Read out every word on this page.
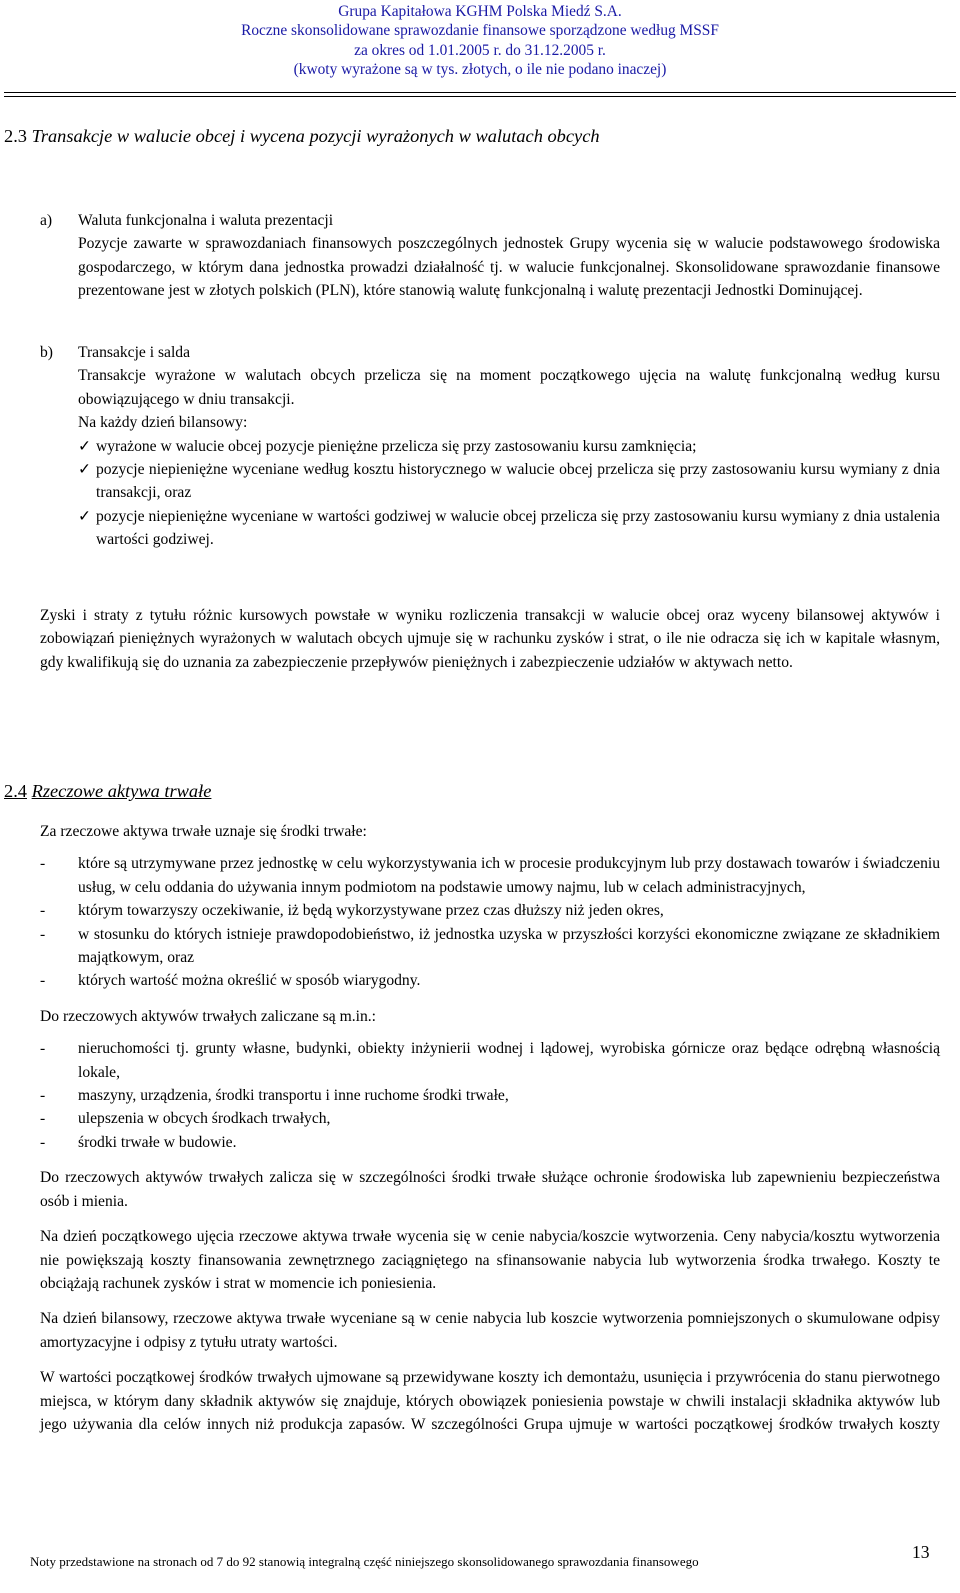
Grupa Kapitałowa KGHM Polska Miedź S.A.
Roczne skonsolidowane sprawozdanie finansowe sporządzone według MSSF
za okres od 1.01.2005 r. do 31.12.2005 r.
(kwoty wyrażone są w tys. złotych, o ile nie podano inaczej)
2.3 Transakcje w walucie obcej i wycena pozycji wyrażonych w walutach obcych
a) Waluta funkcjonalna i waluta prezentacji

Pozycje zawarte w sprawozdaniach finansowych poszczególnych jednostek Grupy wycenia się w walucie podstawowego środowiska gospodarczego, w którym dana jednostka prowadzi działalność tj. w walucie funkcjonalnej. Skonsolidowane sprawozdanie finansowe prezentowane jest w złotych polskich (PLN), które stanowią walutę funkcjonalną i walutę prezentacji Jednostki Dominującej.

b) Transakcje i salda

Transakcje wyrażone w walutach obcych przelicza się na moment początkowego ujęcia na walutę funkcjonalną według kursu obowiązującego w dniu transakcji.

Na każdy dzień bilansowy:

✓ wyrażone w walucie obcej pozycje pieniężne przelicza się przy zastosowaniu kursu zamknięcia;
✓ pozycje niepieniężne wyceniane według kosztu historycznego w walucie obcej przelicza się przy zastosowaniu kursu wymiany z dnia transakcji, oraz
✓ pozycje niepieniężne wyceniane w wartości godziwej w walucie obcej przelicza się przy zastosowaniu kursu wymiany z dnia ustalenia wartości godziwej.

Zyski i straty z tytułu różnic kursowych powstałe w wyniku rozliczenia transakcji w walucie obcej oraz wyceny bilansowej aktywów i zobowiązań pieniężnych wyrażonych w walutach obcych ujmuje się w rachunku zysków i strat, o ile nie odracza się ich w kapitale własnym, gdy kwalifikują się do uznania za zabezpieczenie przepływów pieniężnych i zabezpieczenie udziałów w aktywach netto.

2.4 Rzeczowe aktywa trwałe

Za rzeczowe aktywa trwałe uznaje się środki trwałe:

- które są utrzymywane przez jednostkę w celu wykorzystywania ich w procesie produkcyjnym lub przy dostawach towarów i świadczeniu usług, w celu oddania do używania innym podmiotom na podstawie umowy najmu, lub w celach administracyjnych,
- którym towarzyszy oczekiwanie, iż będą wykorzystywane przez czas dłuższy niż jeden okres,
- w stosunku do których istnieje prawdopodobieństwo, iż jednostka uzyska w przyszłości korzyści ekonomiczne związane ze składnikiem majątkowym, oraz
- których wartość można określić w sposób wiarygodny.

Do rzeczowych aktywów trwałych zaliczane są m.in.:

- nieruchomości tj. grunty własne, budynki, obiekty inżynierii wodnej i lądowej, wyrobiska górnicze oraz będące odrębną własnością lokale,
- maszyny, urządzenia, środki transportu i inne ruchome środki trwałe,
- ulepszenia w obcych środkach trwałych,
- środki trwałe w budowie.

Do rzeczowych aktywów trwałych zalicza się w szczególności środki trwałe służące ochronie środowiska lub zapewnieniu bezpieczeństwa osób i mienia.

Na dzień początkowego ujęcia rzeczowe aktywa trwałe wycenia się w cenie nabycia/koszcie wytworzenia. Ceny nabycia/kosztu wytworzenia nie powiększają koszty finansowania zewnętrznego zaciągniętego na sfinansowanie nabycia lub wytworzenia środka trwałego. Koszty te obciążają rachunek zysków i strat w momencie ich poniesienia.

Na dzień bilansowy, rzeczowe aktywa trwałe wyceniane są w cenie nabycia lub koszcie wytworzenia pomniejszonych o skumulowane odpisy amortyzacyjne i odpisy z tytułu utraty wartości.

W wartości początkowej środków trwałych ujmowane są przewidywane koszty ich demontażu, usunięcia i przywrócenia do stanu pierwotnego miejsca, w którym dany składnik aktywów się znajduje, których obowiązek poniesienia powstaje w chwili instalacji składnika aktywów lub jego używania dla celów innych niż produkcja zapasów. W szczególności Grupa ujmuje w wartości początkowej środków trwałych koszty

Noty przedstawione na stronach od 7 do 92 stanowią integralną część niniejszego skonsolidowanego sprawozdania finansowego	13
